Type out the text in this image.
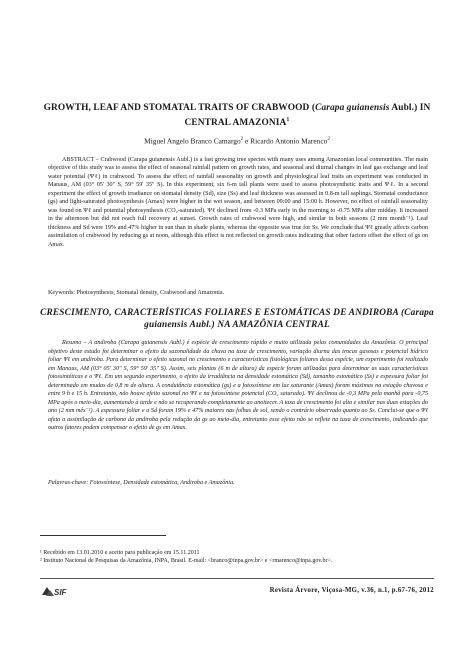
GROWTH, LEAF AND STOMATAL TRAITS OF CRABWOOD (Carapa guianensis Aubl.) IN CENTRAL AMAZONIA$^1$
Miguel Angelo Branco Camargo$^2$ e Ricardo Antonio Marenco$^2$

ABSTRACT – Crabwood (Carapa guianensis Aubl.) is a fast growing tree species with many uses among Amazonian local communities. The main objective of this study was to assess the effect of seasonal rainfall pattern on growth rates, and seasonal and diurnal changes in leaf gas exchange and leaf water potential (Ψℓ) in crabwood. To assess the effect of rainfall seasonality on growth and physiological leaf traits an experiment was conducted in Manaus, AM (03° 05' 30" S, 59° 59' 35" S). In this experiment, six 6-m tall plants were used to assess photosynthetic traits and Ψℓ. In a second experiment the effect of growth irradiance on stomatal density (Sd), size (Ss) and leaf thickness was assessed in 0.8-m tall saplings. Stomatal conductance (gs) and light-saturated photosynthesis (Amax) were higher in the wet season, and between 09:00 and 15:00 h. However, no effect of rainfall seasonality was found on Ψℓ and potential photosynthesis (CO₂-saturated). Ψℓ declined from -0.3 MPa early in the morning to -0.75 MPa after midday. It increased in the afternoon but did not reach full recovery at sunset. Growth rates of crabwood were high, and similar in both seasons (2 mm month⁻¹). Leaf thickness and Sd were 19% and 47% higher in sun than in shade plants, whereas the opposite was true for Ss. We conclude that Ψℓ greatly affects carbon assimilation of crabwood by reducing gs at noon, although this effect is not reflected on growth rates indicating that other factors offset the effect of gs on Amax.

Keywords: Photosynthesis, Stomatal density, Crabwood and Amazonia.
CRESCIMENTO, CARACTERÍSTICAS FOLIARES E ESTOMÁTICAS DE ANDIROBA (Carapa guianensis Aubl.) NA AMAZÔNIA CENTRAL

Resumo – A andiroba (Carapa guianensis Aubl.) é espécie de crescimento rápido e muito utilizada pelas comunidades da Amazônia. O principal objetivo deste estudo foi determinar o efeito da sazonalidade da chuva na taxa de crescimento, variação diurna das trocas gasosas e potencial hídrico foliar Ψℓ em andiroba. Para determinar o efeito sazonal no crescimento e características fisiológicas foliares dessa espécie, um experimento foi realizado em Manaus, AM (03° 05' 30" S, 59° 59' 35" S). Assim, seis plantas (6 m de altura) da espécie foram utilizadas para determinar as suas características fotossintéticas e o Ψℓ. Em um segundo experimento, o efeito da irradiância na densidade estomática (Sd), tamanho estomático (Ss) e espessura foliar foi determinado em mudas de 0,8 m de altura. A condutância estomática (gs) e a fotossíntese em luz saturante (Amax) foram máximas na estação chuvosa e entre 9 h e 15 h. Entretanto, não houve efeito sazonal no Ψℓ e na fotossíntese potencial (CO₂ saturado). Ψℓ declinou de -0,3 MPa pela manhã para -0,75 MPa após o meio-dia, aumentando à tarde e não se recuperando completamente ao anoitecer. A taxa de crescimento foi alta e similar nas duas estações do ano (2 mm mês⁻¹). A espessura foliar e a Sd foram 19% e 47% maiores nas folhas de sol, sendo o contrário observado quanto ao Ss. Conclui-se que o Ψℓ afeta a assimilação de carbono da andiroba pela redução da gs ao meio-dia, entretanto esse efeito não se reflete na taxa de crescimento, indicando que outros fatores podem compensar o efeito de gs em Amax.

Palavras-chave: Fotossíntese, Densidade estomática, Andiroba e Amazônia.
¹ Recebido em 13.01.2010 e aceito para publicação em 15.11.2011
² Instituto Nacional de Pesquisas da Amazônia, INPA, Brasil. E-mail: <branco@inpa.gov.br> e <rmarenco@inpa.gov.br>.
SIF	Revista Árvore, Viçosa-MG, v.36, n.1, p.67-76, 2012
